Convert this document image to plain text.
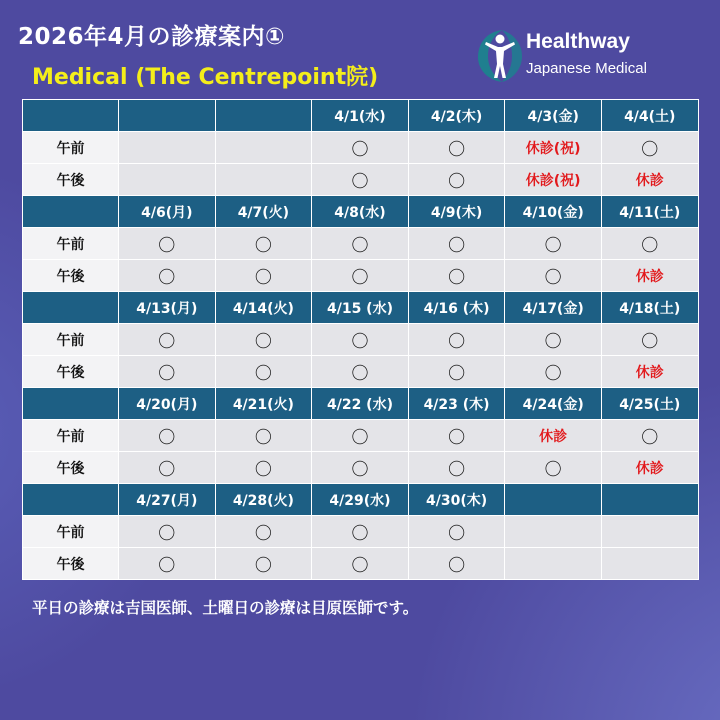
2026年4月の診療案内①
Medical (The Centrepoint院)
Healthway
Japanese Medical
			4/1(水)	4/2(木)	4/3(金)	4/4(土)
午前			〇	〇	休診(祝)	〇
午後			〇	〇	休診(祝)	休診
	4/6(月)	4/7(火)	4/8(水)	4/9(木)	4/10(金)	4/11(土)
午前	〇	〇	〇	〇	〇	〇
午後	〇	〇	〇	〇	〇	休診
	4/13(月)	4/14(火)	4/15 (水)	4/16 (木)	4/17(金)	4/18(土)
午前	〇	〇	〇	〇	〇	〇
午後	〇	〇	〇	〇	〇	休診
	4/20(月)	4/21(火)	4/22 (水)	4/23 (木)	4/24(金)	4/25(土)
午前	〇	〇	〇	〇	休診	〇
午後	〇	〇	〇	〇	〇	休診
	4/27(月)	4/28(火)	4/29(水)	4/30(木)		
午前	〇	〇	〇	〇		
午後	〇	〇	〇	〇		
平日の診療は吉国医師、土曜日の診療は目原医師です。
